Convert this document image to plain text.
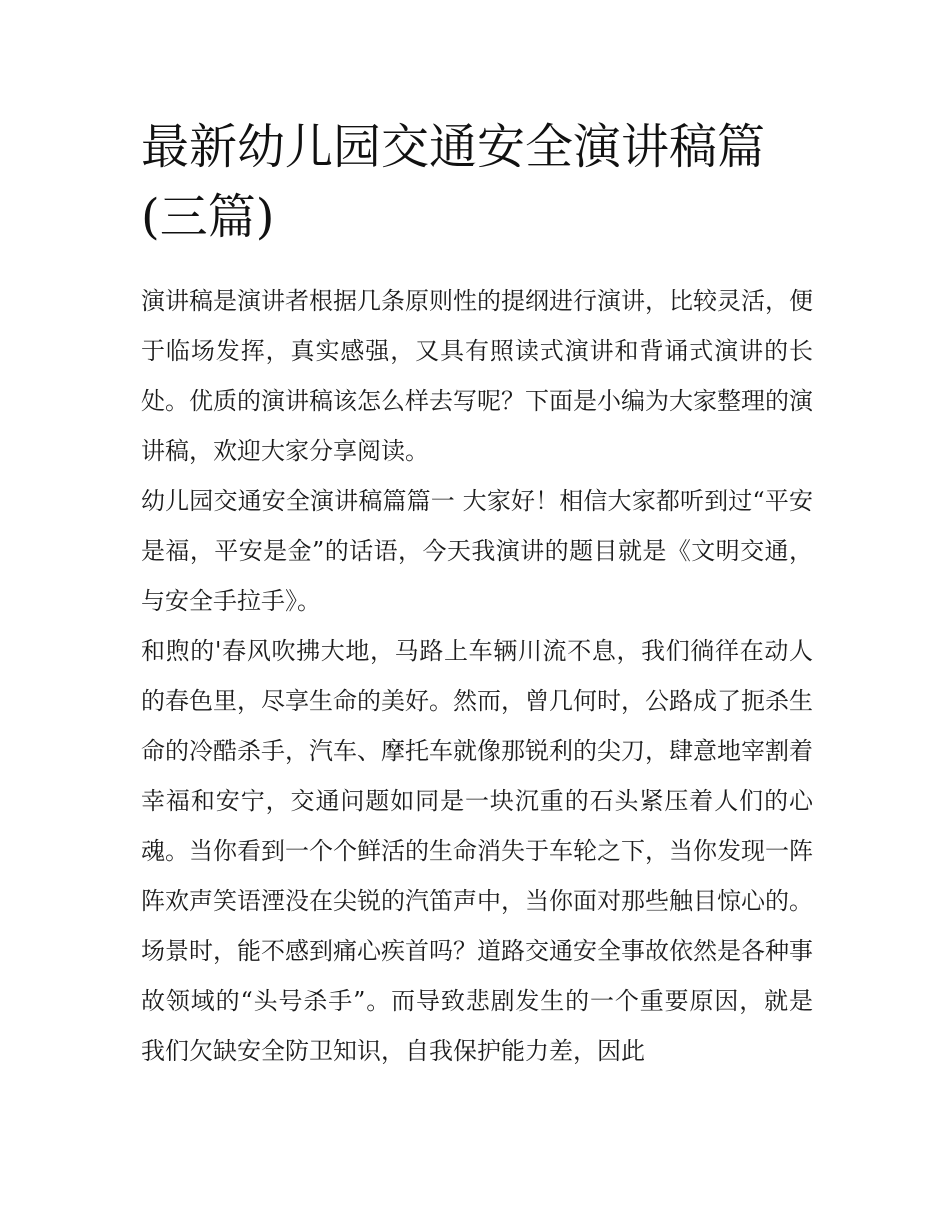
最新幼儿园交通安全演讲稿篇(三篇)

演讲稿是演讲者根据几条原则性的提纲进行演讲，比较灵活，便于临场发挥，真实感强，又具有照读式演讲和背诵式演讲的长处。优质的演讲稿该怎么样去写呢？下面是小编为大家整理的演讲稿，欢迎大家分享阅读。

幼儿园交通安全演讲稿篇篇一 大家好！相信大家都听到过“平安是福，平安是金”的话语，今天我演讲的题目就是《文明交通，与安全手拉手》。

和煦的'春风吹拂大地，马路上车辆川流不息，我们徜徉在动人的春色里，尽享生命的美好。然而，曾几何时，公路成了扼杀生命的冷酷杀手，汽车、摩托车就像那锐利的尖刀，肆意地宰割着幸福和安宁，交通问题如同是一块沉重的石头紧压着人们的心魂。当你看到一个个鲜活的生命消失于车轮之下，当你发现一阵阵欢声笑语湮没在尖锐的汽笛声中，当你面对那些触目惊心的。场景时，能不感到痛心疾首吗？道路交通安全事故依然是各种事故领域的“头号杀手”。而导致悲剧发生的一个重要原因，就是我们欠缺安全防卫知识，自我保护能力差，因此
